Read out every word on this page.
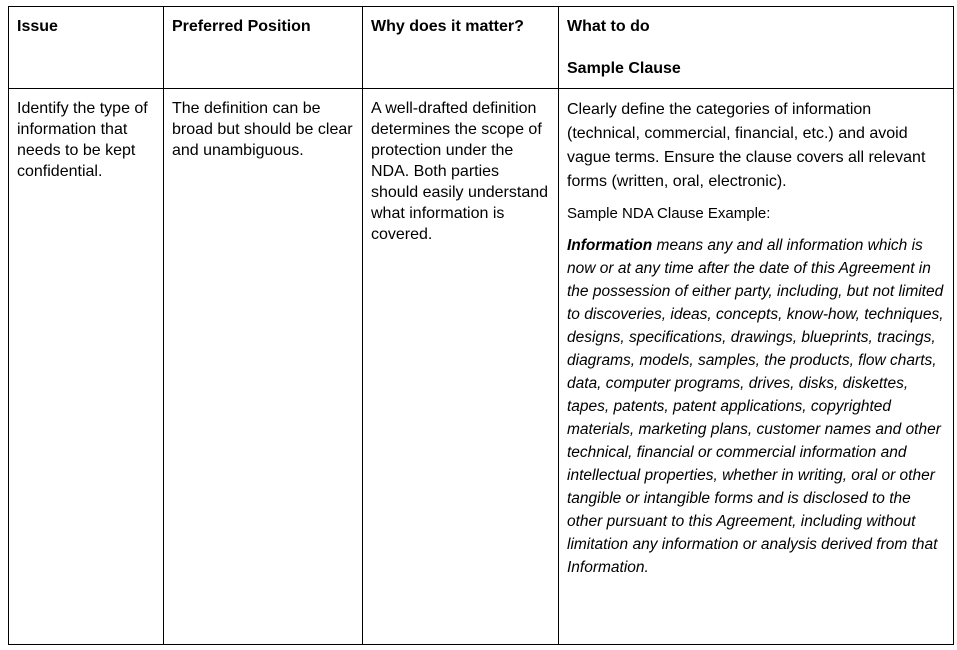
Issue	Preferred Position	Why does it matter?	What to do
Sample Clause

Identify the type of information that needs to be kept confidential.	The definition can be broad but should be clear and unambiguous.	A well-drafted definition determines the scope of protection under the NDA. Both parties should easily understand what information is covered.	Clearly define the categories of information (technical, commercial, financial, etc.) and avoid vague terms. Ensure the clause covers all relevant forms (written, oral, electronic).
Sample NDA Clause Example:
Information means any and all information which is now or at any time after the date of this Agreement in the possession of either party, including, but not limited to discoveries, ideas, concepts, know-how, techniques, designs, specifications, drawings, blueprints, tracings, diagrams, models, samples, the products, flow charts, data, computer programs, drives, disks, diskettes, tapes, patents, patent applications, copyrighted materials, marketing plans, customer names and other technical, financial or commercial information and intellectual properties, whether in writing, oral or other tangible or intangible forms and is disclosed to the other pursuant to this Agreement, including without limitation any information or analysis derived from that Information.
